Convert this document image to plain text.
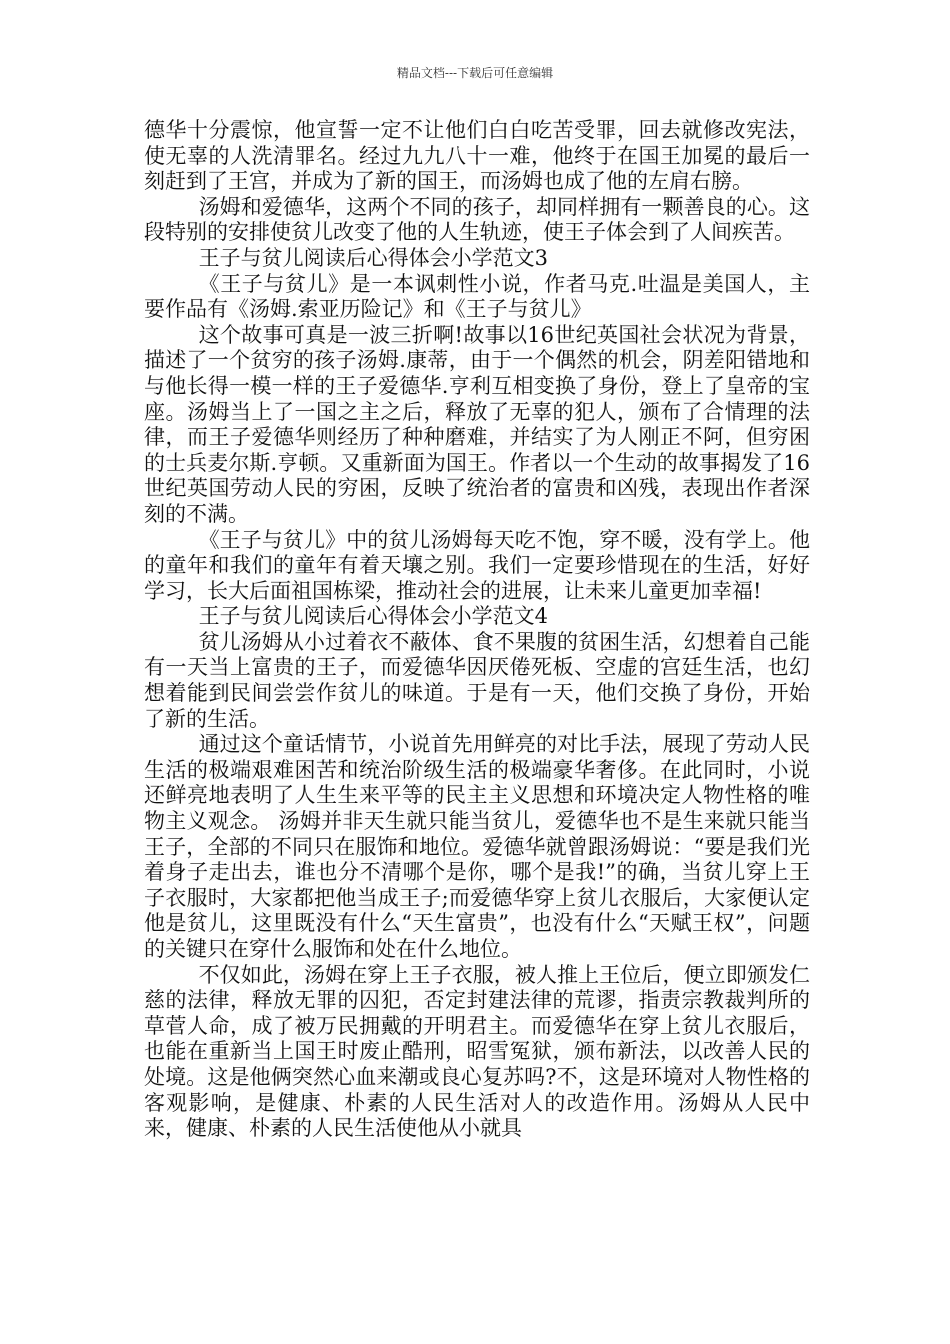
精品文档---下载后可任意编辑

德华十分震惊，他宣誓一定不让他们白白吃苦受罪，回去就修改宪法，使无辜的人洗清罪名。经过九九八十一难，他终于在国王加冕的最后一刻赶到了王宫，并成为了新的国王，而汤姆也成了他的左肩右膀。

汤姆和爱德华，这两个不同的孩子，却同样拥有一颗善良的心。这段特别的安排使贫儿改变了他的人生轨迹，使王子体会到了人间疾苦。

王子与贫儿阅读后心得体会小学范文3

《王子与贫儿》是一本讽刺性小说，作者马克.吐温是美国人，主要作品有《汤姆.索亚历险记》和《王子与贫儿》

这个故事可真是一波三折啊!故事以16世纪英国社会状况为背景，描述了一个贫穷的孩子汤姆.康蒂，由于一个偶然的机会，阴差阳错地和与他长得一模一样的王子爱德华.亨利互相变换了身份，登上了皇帝的宝座。汤姆当上了一国之主之后，释放了无辜的犯人，颁布了合情理的法律，而王子爱德华则经历了种种磨难，并结实了为人刚正不阿，但穷困的士兵麦尔斯.亨顿。又重新面为国王。作者以一个生动的故事揭发了16世纪英国劳动人民的穷困，反映了统治者的富贵和凶残，表现出作者深刻的不满。

《王子与贫儿》中的贫儿汤姆每天吃不饱，穿不暖，没有学上。他的童年和我们的童年有着天壤之别。我们一定要珍惜现在的生活，好好学习，长大后面祖国栋梁，推动社会的进展，让未来儿童更加幸福!

王子与贫儿阅读后心得体会小学范文4

贫儿汤姆从小过着衣不蔽体、食不果腹的贫困生活，幻想着自己能有一天当上富贵的王子，而爱德华因厌倦死板、空虚的宫廷生活，也幻想着能到民间尝尝作贫儿的味道。于是有一天，他们交换了身份，开始了新的生活。

通过这个童话情节，小说首先用鲜亮的对比手法，展现了劳动人民生活的极端艰难困苦和统治阶级生活的极端豪华奢侈。在此同时，小说还鲜亮地表明了人生生来平等的民主主义思想和环境决定人物性格的唯物主义观念。 汤姆并非天生就只能当贫儿，爱德华也不是生来就只能当王子，全部的不同只在服饰和地位。爱德华就曾跟汤姆说：“要是我们光着身子走出去，谁也分不清哪个是你，哪个是我!”的确，当贫儿穿上王子衣服时，大家都把他当成王子;而爱德华穿上贫儿衣服后，大家便认定他是贫儿，这里既没有什么“天生富贵”，也没有什么“天赋王权”，问题的关键只在穿什么服饰和处在什么地位。

不仅如此，汤姆在穿上王子衣服，被人推上王位后，便立即颁发仁慈的法律，释放无罪的囚犯，否定封建法律的荒谬，指责宗教裁判所的草菅人命，成了被万民拥戴的开明君主。而爱德华在穿上贫儿衣服后，也能在重新当上国王时废止酷刑，昭雪冤狱，颁布新法，以改善人民的处境。这是他俩突然心血来潮或良心复苏吗?不，这是环境对人物性格的客观影响，是健康、朴素的人民生活对人的改造作用。汤姆从人民中来，健康、朴素的人民生活使他从小就具
